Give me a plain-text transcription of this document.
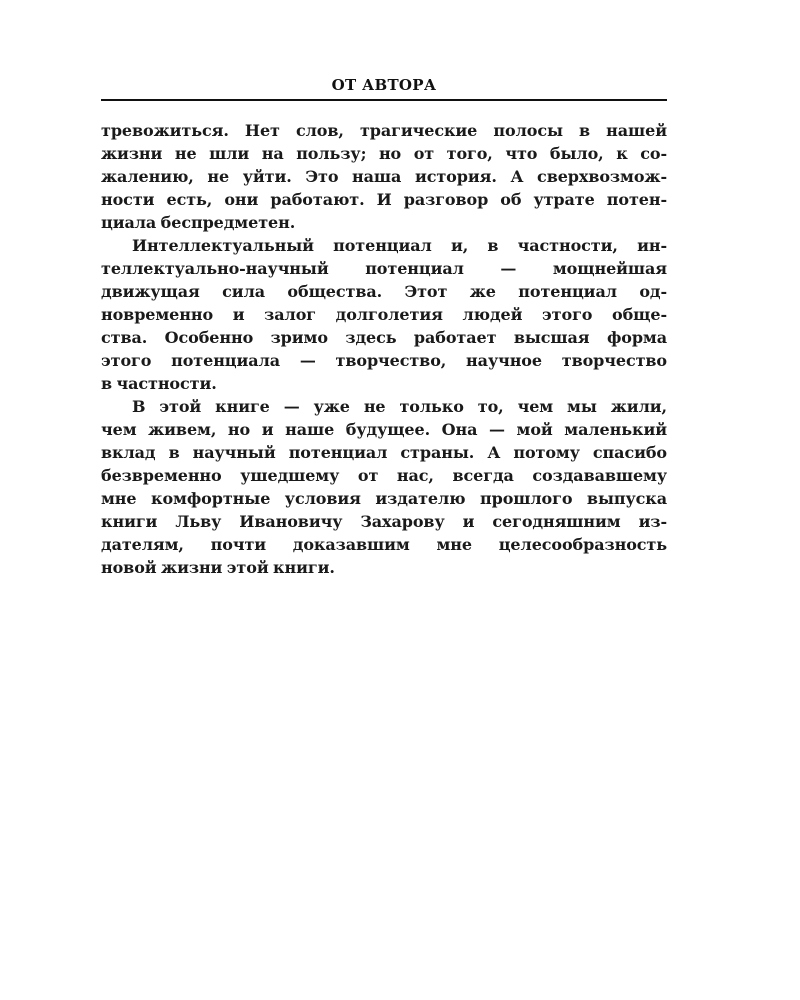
ОТ АВТОРА
тревожиться. Нет слов, трагические полосы в нашей
жизни не шли на пользу; но от того, что было, к со-
жалению, не уйти. Это наша история. А сверхвозмож-
ности есть, они работают. И разговор об утрате потен-
циала беспредметен.
Интеллектуальный потенциал и, в частности, ин-
теллектуально-научный потенциал — мощнейшая
движущая сила общества. Этот же потенциал од-
новременно и залог долголетия людей этого обще-
ства. Особенно зримо здесь работает высшая форма
этого потенциала — творчество, научное творчество
в частности.
В этой книге — уже не только то, чем мы жили,
чем живем, но и наше будущее. Она — мой маленький
вклад в научный потенциал страны. А потому спасибо
безвременно ушедшему от нас, всегда создававшему
мне комфортные условия издателю прошлого выпуска
книги Льву Ивановичу Захарову и сегодняшним из-
дателям, почти доказавшим мне целесообразность
новой жизни этой книги.
